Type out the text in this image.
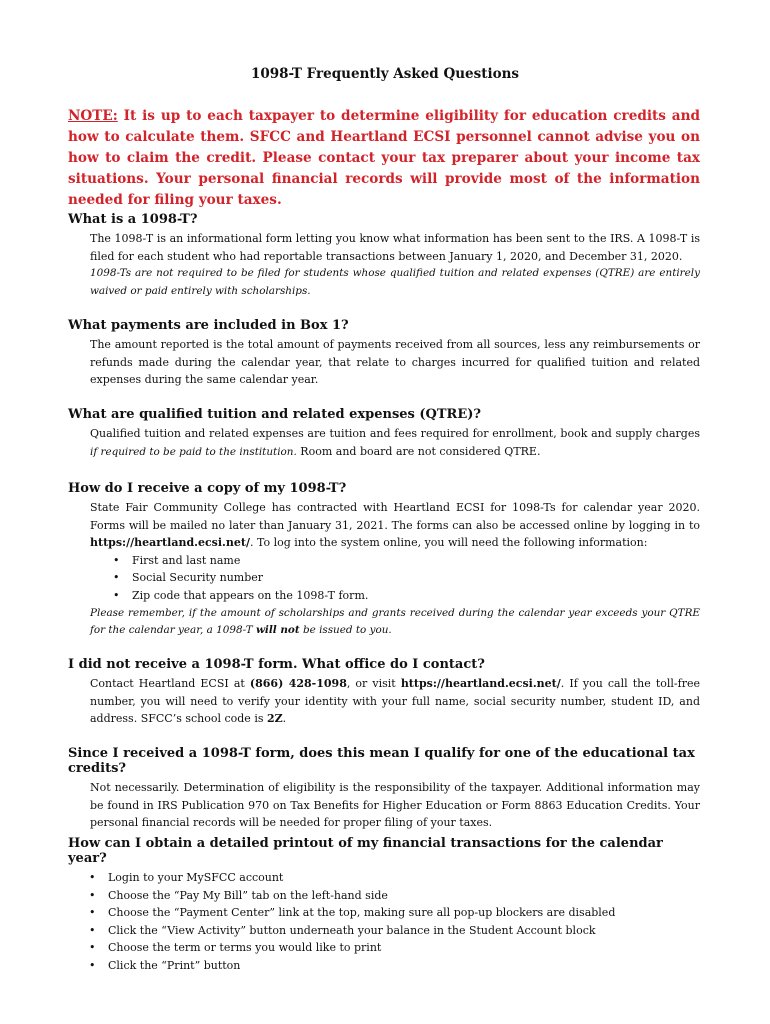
1098-T Frequently Asked Questions
NOTE: It is up to each taxpayer to determine eligibility for education credits and how to calculate them. SFCC and Heartland ECSI personnel cannot advise you on how to claim the credit. Please contact your tax preparer about your income tax situations. Your personal financial records will provide most of the information needed for filing your taxes.
What is a 1098-T?

The 1098-T is an informational form letting you know what information has been sent to the IRS. A 1098-T is filed for each student who had reportable transactions between January 1, 2020, and December 31, 2020.

1098-Ts are not required to be filed for students whose qualified tuition and related expenses (QTRE) are entirely waived or paid entirely with scholarships.

What payments are included in Box 1?

The amount reported is the total amount of payments received from all sources, less any reimbursements or refunds made during the calendar year, that relate to charges incurred for qualified tuition and related expenses during the same calendar year.

What are qualified tuition and related expenses (QTRE)?

Qualified tuition and related expenses are tuition and fees required for enrollment, book and supply charges if required to be paid to the institution. Room and board are not considered QTRE.

How do I receive a copy of my 1098-T?

State Fair Community College has contracted with Heartland ECSI for 1098-Ts for calendar year 2020. Forms will be mailed no later than January 31, 2021. The forms can also be accessed online by logging in to https://heartland.ecsi.net/. To log into the system online, you will need the following information:

• First and last name
• Social Security number
• Zip code that appears on the 1098-T form.

Please remember, if the amount of scholarships and grants received during the calendar year exceeds your QTRE for the calendar year, a 1098-T will not be issued to you.

I did not receive a 1098-T form. What office do I contact?

Contact Heartland ECSI at (866) 428-1098, or visit https://heartland.ecsi.net/. If you call the toll-free number, you will need to verify your identity with your full name, social security number, student ID, and address. SFCC’s school code is 2Z.

Since I received a 1098-T form, does this mean I qualify for one of the educational tax credits?

Not necessarily. Determination of eligibility is the responsibility of the taxpayer. Additional information may be found in IRS Publication 970 on Tax Benefits for Higher Education or Form 8863 Education Credits. Your personal financial records will be needed for proper filing of your taxes.

How can I obtain a detailed printout of my financial transactions for the calendar year?
• Login to your MySFCC account
• Choose the “Pay My Bill” tab on the left-hand side
• Choose the “Payment Center” link at the top, making sure all pop-up blockers are disabled
• Click the “View Activity” button underneath your balance in the Student Account block
• Choose the term or terms you would like to print
• Click the “Print” button
